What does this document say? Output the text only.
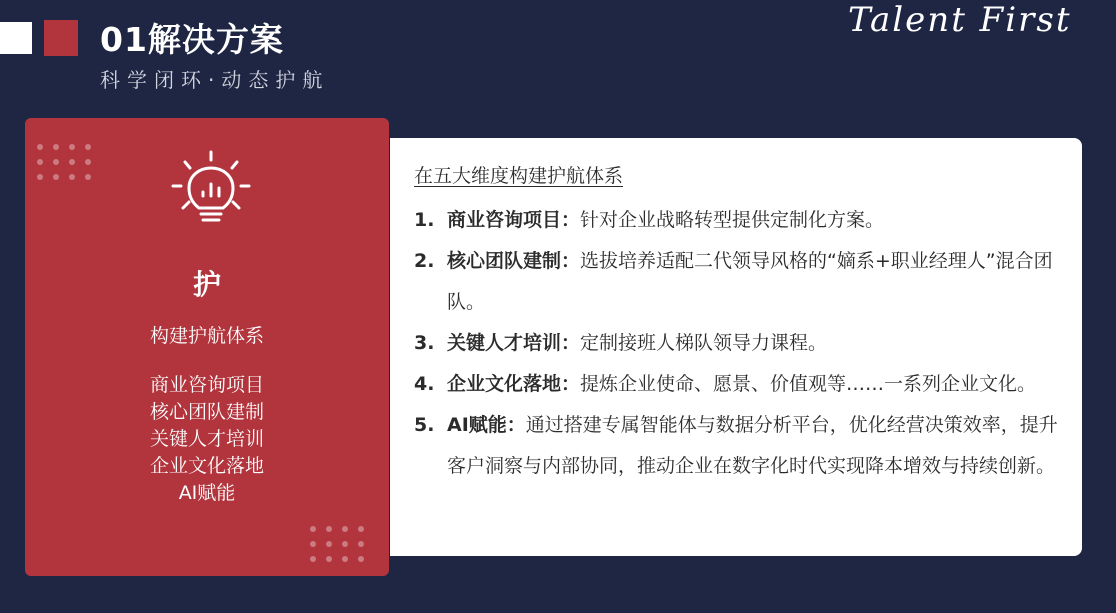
01解决方案
科学闭环·动态护航
Talent First
护
构建护航体系
商业咨询项目
核心团队建制
关键人才培训
企业文化落地
AI赋能
在五大维度构建护航体系
1. 商业咨询项目：针对企业战略转型提供定制化方案。
2. 核心团队建制：选拔培养适配二代领导风格的“嫡系+职业经理人”混合团队。
3. 关键人才培训：定制接班人梯队领导力课程。
4. 企业文化落地：提炼企业使命、愿景、价值观等……一系列企业文化。
5. AI赋能：通过搭建专属智能体与数据分析平台，优化经营决策效率，提升客户洞察与内部协同，推动企业在数字化时代实现降本增效与持续创新。
